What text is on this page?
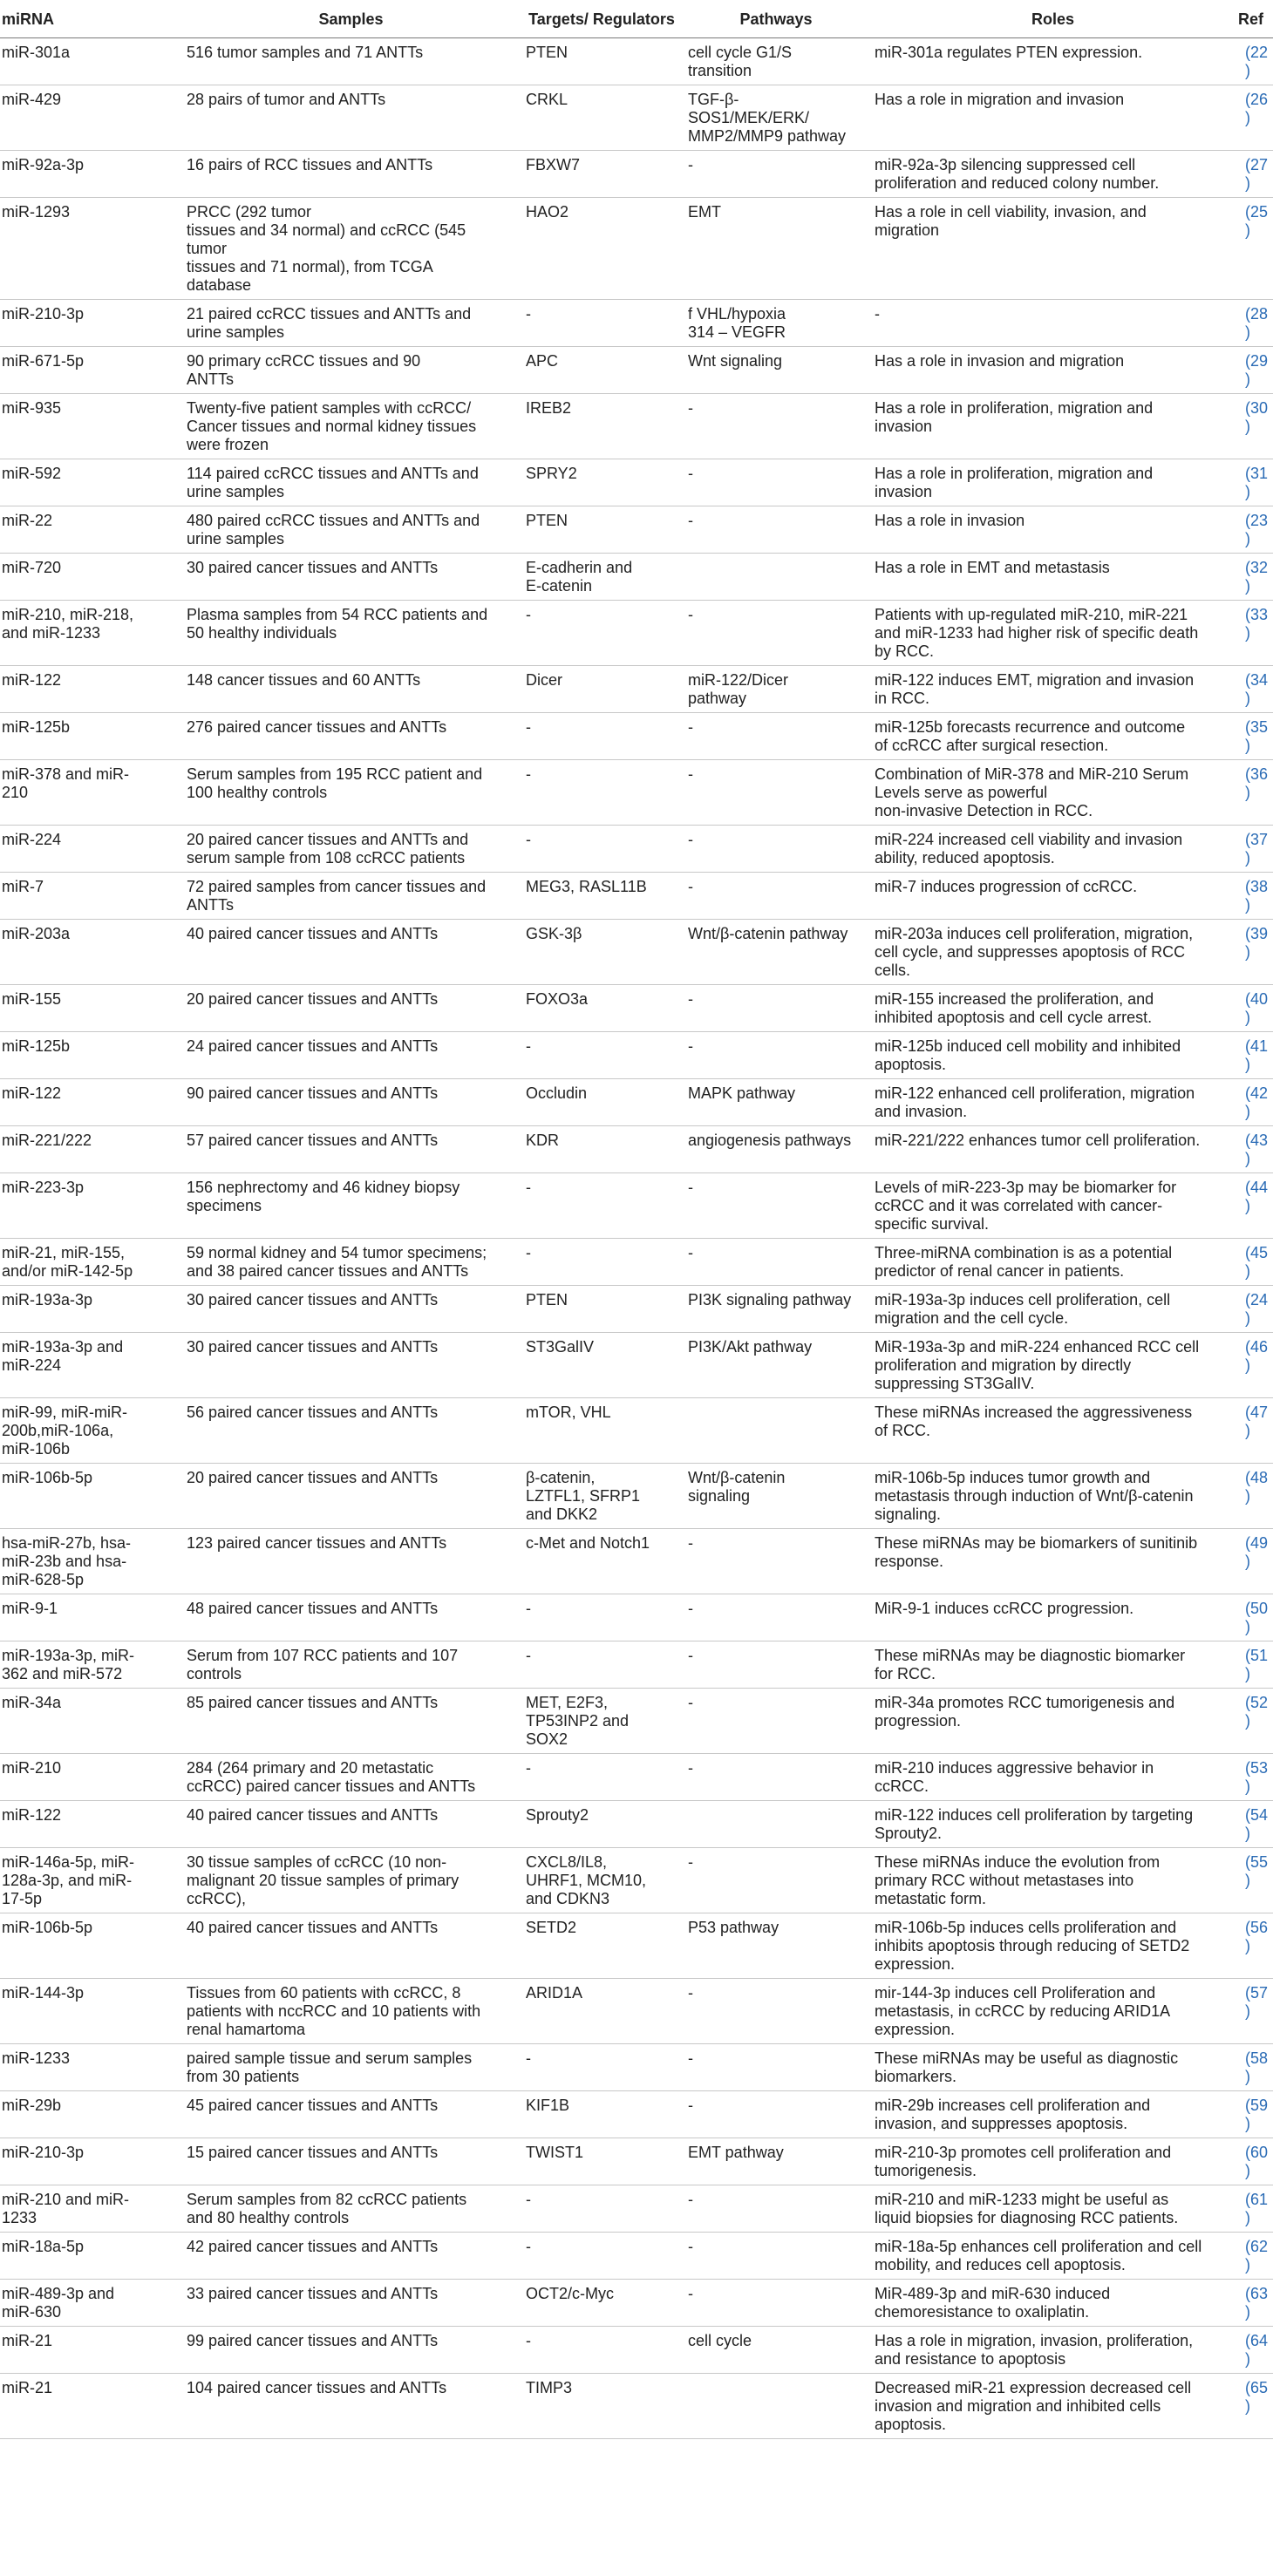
miRNA	Samples	Targets/ Regulators	Pathways	Roles	Ref
miR-301a	516 tumor samples and 71 ANTTs	PTEN	cell cycle G1/S
transition	miR-301a regulates PTEN expression.	(22)
miR-429	28 pairs of tumor and ANTTs	CRKL	TGF-β-
SOS1/MEK/ERK/
MMP2/MMP9 pathway	Has a role in migration and invasion	(26)
miR-92a-3p	16 pairs of RCC tissues and ANTTs	FBXW7	-	miR-92a-3p silencing suppressed cell
proliferation and reduced colony number.	(27)
miR-1293	PRCC (292 tumor
tissues and 34 normal) and ccRCC (545
tumor
tissues and 71 normal), from TCGA
database	HAO2	EMT	Has a role in cell viability, invasion, and
migration	(25)
miR-210-3p	21 paired ccRCC tissues and ANTTs and
urine samples	-	f VHL/hypoxia
314 – VEGFR	-	(28)
miR-671-5p	90 primary ccRCC tissues and 90
ANTTs	APC	Wnt signaling	Has a role in invasion and migration	(29)
miR-935	Twenty-five patient samples with ccRCC/
Cancer tissues and normal kidney tissues
were frozen	IREB2	-	Has a role in proliferation, migration and
invasion	(30)
miR-592	114 paired ccRCC tissues and ANTTs and
urine samples	SPRY2	-	Has a role in proliferation, migration and
invasion	(31)
miR-22	480 paired ccRCC tissues and ANTTs and
urine samples	PTEN	-	Has a role in invasion	(23)
miR-720	30 paired cancer tissues and ANTTs	E-cadherin and
E-catenin		Has a role in EMT and metastasis	(32)
miR-210, miR-218,
and miR-1233	Plasma samples from 54 RCC patients and
50 healthy individuals	-	-	Patients with up-regulated miR-210, miR-221
and miR-1233 had higher risk of specific death
by RCC.	(33)
miR-122	148 cancer tissues and 60 ANTTs	Dicer	miR-122/Dicer
pathway	miR-122 induces EMT, migration and invasion
in RCC.	(34)
miR-125b	276 paired cancer tissues and ANTTs	-	-	miR-125b forecasts recurrence and outcome
of ccRCC after surgical resection.	(35)
miR-378 and miR-
210	Serum samples from 195 RCC patient and
100 healthy controls	-	-	Combination of MiR-378 and MiR-210 Serum
Levels serve as powerful
non-invasive Detection in RCC.	(36)
miR-224	20 paired cancer tissues and ANTTs and
serum sample from 108 ccRCC patients	-	-	miR-224 increased cell viability and invasion
ability, reduced apoptosis.	(37)
miR-7	72 paired samples from cancer tissues and
ANTTs	MEG3, RASL11B	-	miR-7 induces progression of ccRCC.	(38)
miR-203a	40 paired cancer tissues and ANTTs	GSK-3β	Wnt/β-catenin pathway	miR-203a induces cell proliferation, migration,
cell cycle, and suppresses apoptosis of RCC
cells.	(39)
miR-155	20 paired cancer tissues and ANTTs	FOXO3a	-	miR-155 increased the proliferation, and
inhibited apoptosis and cell cycle arrest.	(40)
miR-125b	24 paired cancer tissues and ANTTs	-	-	miR-125b induced cell mobility and inhibited
apoptosis.	(41)
miR-122	90 paired cancer tissues and ANTTs	Occludin	MAPK pathway	miR-122 enhanced cell proliferation, migration
and invasion.	(42)
miR-221/222	57 paired cancer tissues and ANTTs	KDR	angiogenesis pathways	miR-221/222 enhances tumor cell proliferation.	(43)
miR-223-3p	156 nephrectomy and 46 kidney biopsy
specimens	-	-	Levels of miR-223-3p may be biomarker for
ccRCC and it was correlated with cancer-
specific survival.	(44)
miR-21, miR-155,
and/or miR-142-5p	59 normal kidney and 54 tumor specimens;
and 38 paired cancer tissues and ANTTs	-	-	Three-miRNA combination is as a potential
predictor of renal cancer in patients.	(45)
miR-193a-3p	30 paired cancer tissues and ANTTs	PTEN	PI3K signaling pathway	miR-193a-3p induces cell proliferation, cell
migration and the cell cycle.	(24)
miR-193a-3p and
miR-224	30 paired cancer tissues and ANTTs	ST3GalIV	PI3K/Akt pathway	MiR-193a-3p and miR-224 enhanced RCC cell
proliferation and migration by directly
suppressing ST3GalIV.	(46)
miR-99, miR-miR-
200b,miR-106a,
miR-106b	56 paired cancer tissues and ANTTs	mTOR, VHL		These miRNAs increased the aggressiveness
of RCC.	(47)
miR-106b-5p	20 paired cancer tissues and ANTTs	β-catenin,
LZTFL1, SFRP1
and DKK2	Wnt/β-catenin
signaling	miR-106b-5p induces tumor growth and
metastasis through induction of Wnt/β-catenin
signaling.	(48)
hsa-miR-27b, hsa-
miR-23b and hsa-
miR-628-5p	123 paired cancer tissues and ANTTs	c-Met and Notch1	-	These miRNAs may be biomarkers of sunitinib
response.	(49)
miR-9-1	48 paired cancer tissues and ANTTs	-	-	MiR-9-1 induces ccRCC progression.	(50)
miR-193a-3p, miR-
362 and miR-572	Serum from 107 RCC patients and 107
controls	-	-	These miRNAs may be diagnostic biomarker
for RCC.	(51)
miR-34a	85 paired cancer tissues and ANTTs	MET, E2F3,
TP53INP2 and
SOX2	-	miR-34a promotes RCC tumorigenesis and
progression.	(52)
miR-210	284 (264 primary and 20 metastatic
ccRCC) paired cancer tissues and ANTTs	-	-	miR-210 induces aggressive behavior in
ccRCC.	(53)
miR-122	40 paired cancer tissues and ANTTs	Sprouty2		miR-122 induces cell proliferation by targeting
Sprouty2.	(54)
miR-146a-5p, miR-
128a-3p, and miR-
17-5p	30 tissue samples of ccRCC (10 non-
malignant 20 tissue samples of primary
ccRCC),	CXCL8/IL8,
UHRF1, MCM10,
and CDKN3	-	These miRNAs induce the evolution from
primary RCC without metastases into
metastatic form.	(55)
miR-106b-5p	40 paired cancer tissues and ANTTs	SETD2	P53 pathway	miR-106b-5p induces cells proliferation and
inhibits apoptosis through reducing of SETD2
expression.	(56)
miR-144-3p	Tissues from 60 patients with ccRCC, 8
patients with nccRCC and 10 patients with
renal hamartoma	ARID1A	-	mir-144-3p induces cell Proliferation and
metastasis, in ccRCC by reducing ARID1A
expression.	(57)
miR-1233	paired sample tissue and serum samples
from 30 patients	-	-	These miRNAs may be useful as diagnostic
biomarkers.	(58)
miR-29b	45 paired cancer tissues and ANTTs	KIF1B	-	miR-29b increases cell proliferation and
invasion, and suppresses apoptosis.	(59)
miR-210-3p	15 paired cancer tissues and ANTTs	TWIST1	EMT pathway	miR-210-3p promotes cell proliferation and
tumorigenesis.	(60)
miR-210 and miR-
1233	Serum samples from 82 ccRCC patients
and 80 healthy controls	-	-	miR-210 and miR-1233 might be useful as
liquid biopsies for diagnosing RCC patients.	(61)
miR-18a-5p	42 paired cancer tissues and ANTTs	-	-	miR-18a-5p enhances cell proliferation and cell
mobility, and reduces cell apoptosis.	(62)
miR-489-3p and
miR-630	33 paired cancer tissues and ANTTs	OCT2/c-Myc	-	MiR-489-3p and miR-630 induced
chemoresistance to oxaliplatin.	(63)
miR-21	99 paired cancer tissues and ANTTs	-	cell cycle	Has a role in migration, invasion, proliferation,
and resistance to apoptosis	(64)
miR-21	104 paired cancer tissues and ANTTs	TIMP3		Decreased miR-21 expression decreased cell
invasion and migration and inhibited cells
apoptosis.	(65)
